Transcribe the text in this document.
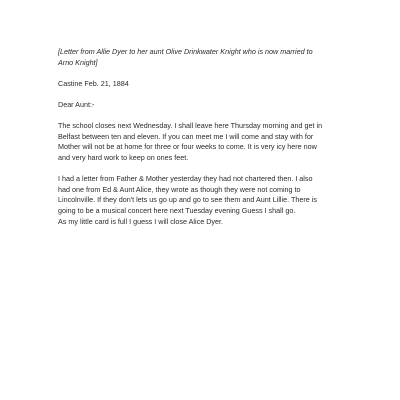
[Letter from Allie Dyer to her aunt Olive Drinkwater Knight who is now married to
Arno Knight]

Castine Feb. 21, 1884

Dear Aunt:-

The school closes next Wednesday. I shall leave here Thursday morning and get in
Belfast between ten and eleven. If you can meet me I will come and stay with for
Mother will not be at home for three or four weeks to come. It is very icy here now
and very hard work to keep on ones feet.

I had a letter from Father & Mother yesterday they had not chartered then. I also
had one from Ed & Aunt Alice, they wrote as though they were not coming to
Lincolnville. If they don't lets us go up and go to see them and Aunt Lillie. There is
going to be a musical concert here next Tuesday evening Guess I shall go.
As my little card is full I guess I will close Alice Dyer.
